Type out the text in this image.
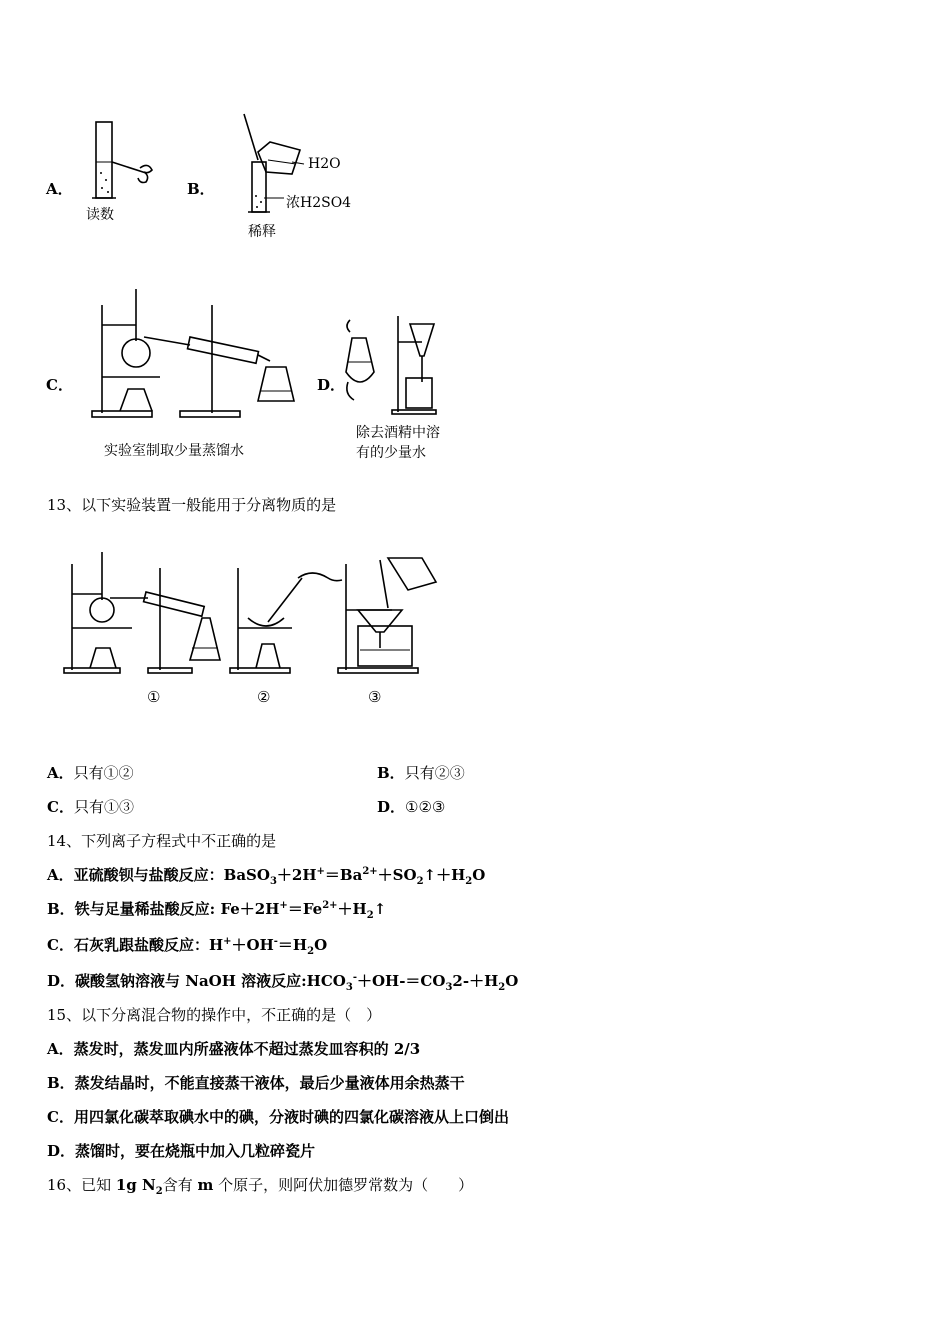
A．
读数
B．
H2O
浓H2SO4
稀释
C．
实验室制取少量蒸馏水
D．
除去酒精中溶
有的少量水
13、以下实验装置一般能用于分离物质的是
①	②	③
A．只有①②	B．只有②③
C．只有①③	D．①②③
14、下列离子方程式中不正确的是
A．亚硫酸钡与盐酸反应：$BaSO_3+2H^+=Ba^{2+}+SO_2↑+H_2O$
B．铁与足量稀盐酸反应: $Fe+2H^+=Fe^{2+}+H_2↑$
C．石灰乳跟盐酸反应：$H^++OH^-=H_2O$
D．碳酸氢钠溶液与 NaOH 溶液反应$:HCO_3^-+OH-=CO_32-+H_2O$
15、以下分离混合物的操作中，不正确的是（　）
A．蒸发时，蒸发皿内所盛液体不超过蒸发皿容积的 2/3
B．蒸发结晶时，不能直接蒸干液体，最后少量液体用余热蒸干
C．用四氯化碳萃取碘水中的碘，分液时碘的四氯化碳溶液从上口倒出
D．蒸馏时，要在烧瓶中加入几粒碎瓷片
16、已知 1g $N_2$含有 m 个原子，则阿伏加德罗常数为（　　）
